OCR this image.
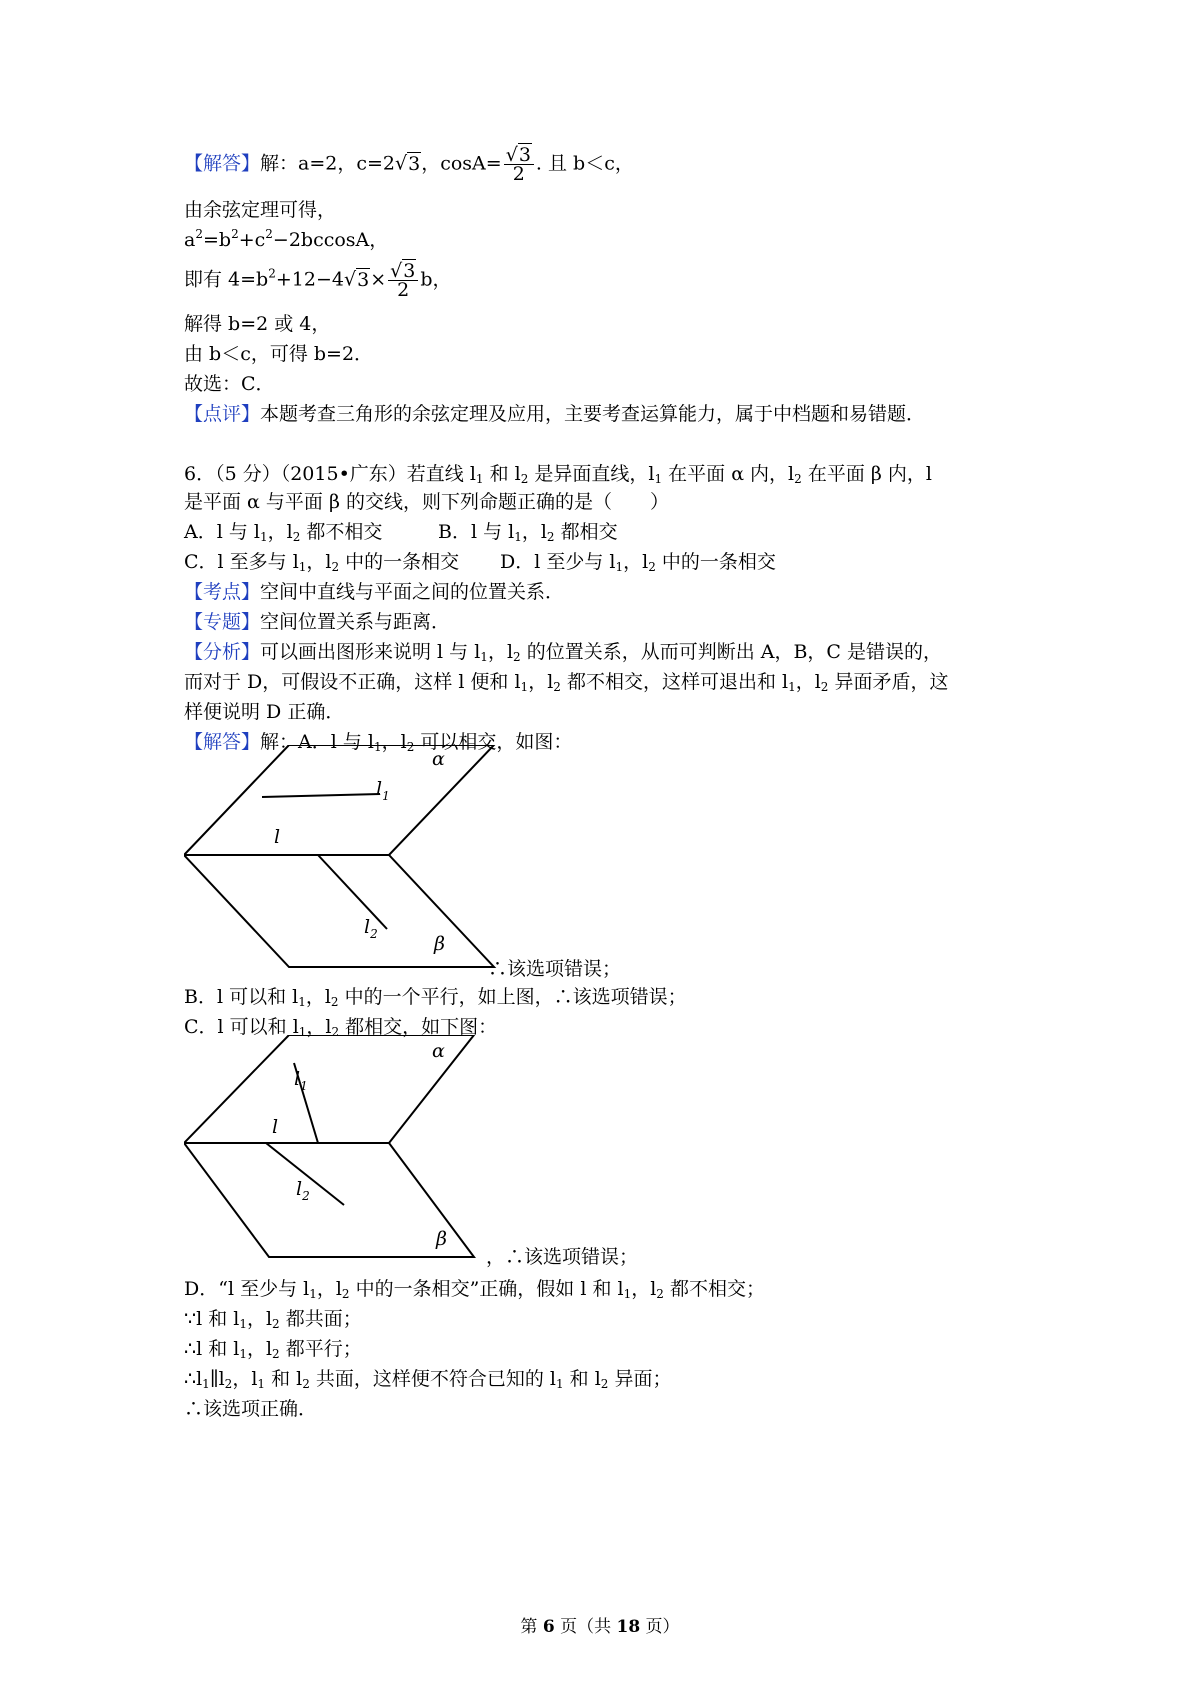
【解答】解：a=2，c=2√3，$\cos A= \frac{√3}{2}$ . 且 b＜c，
由余弦定理可得，
$a^2=b^2+c^2-2bccosA$，
即有 $4=b^2+12-4√3\times \frac{√3}{2}$ b，
解得 b=2 或 4，
由 b＜c，可得 b=2．
故选：C．
【点评】本题考查三角形的余弦定理及应用，主要考查运算能力，属于中档题和易错题．
6．（5 分）（2015•广东）若直线 $l_1$ 和 $l_2$ 是异面直线，$l_1$ 在平面 α 内，$l_2$ 在平面 β 内，l
是平面 α 与平面 β 的交线，则下列命题正确的是（　　）
A．l 与 $l_1$，$l_2$ 都不相交	B．l 与 $l_1$，$l_2$ 都相交
C．l 至多与 $l_1$，$l_2$ 中的一条相交 D．l 至少与 $l_1$，$l_2$ 中的一条相交
【考点】空间中直线与平面之间的位置关系．
【专题】空间位置关系与距离．
【分析】可以画出图形来说明 l 与 $l_1$，$l_2$ 的位置关系，从而可判断出 A，B，C 是错误的，
而对于 D，可假设不正确，这样 l 便和 $l_1$，$l_2$ 都不相交，这样可退出和 $l_1$，$l_2$ 异面矛盾，这
样便说明 D 正确．
【解答】解：A．l 与 $l_1$，$l_2$ 可以相交，如图：
α
$l_1$
l
$l_2$	β
∴该选项错误；
B．l 可以和 $l_1$，$l_2$ 中的一个平行，如上图，∴该选项错误；
C．l 可以和 $l_1$，$l_2$ 都相交，如下图：
α
$l_1$
l
$l_2$
β
，∴该选项错误；
D．“l 至少与 $l_1$，$l_2$ 中的一条相交”正确，假如 l 和 $l_1$，$l_2$ 都不相交；
∵l 和 $l_1$，$l_2$ 都共面；
∴l 和 $l_1$，$l_2$ 都平行；
$\therefore l_1\parallel l_2$，$l_1$ 和 $l_2$ 共面，这样便不符合已知的 $l_1$ 和 $l_2$ 异面；
∴该选项正确．
第 6 页（共 18 页）
